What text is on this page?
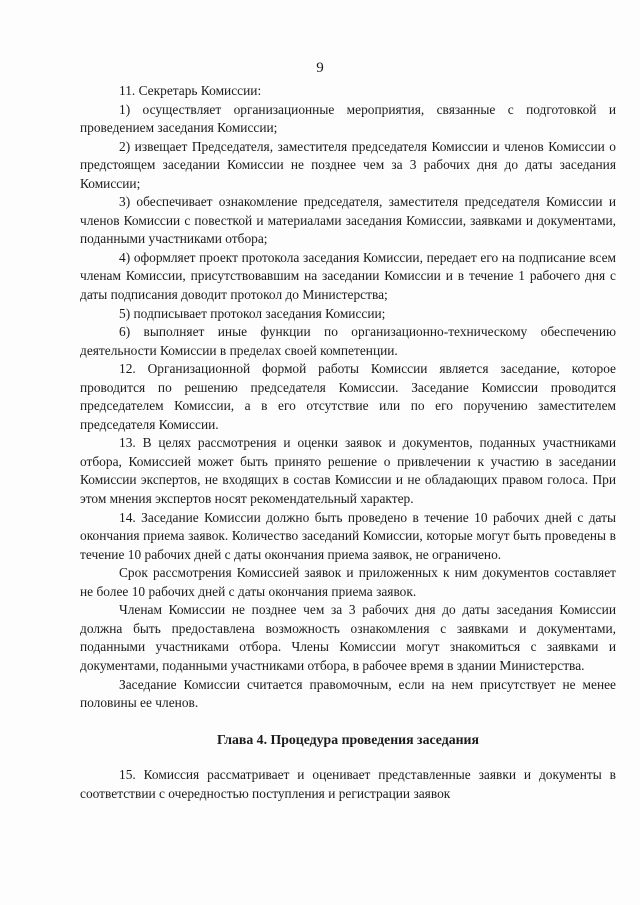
9

11. Секретарь Комиссии:

1) осуществляет организационные мероприятия, связанные с подготовкой и проведением заседания Комиссии;

2) извещает Председателя, заместителя председателя Комиссии и членов Комиссии о предстоящем заседании Комиссии не позднее чем за 3 рабочих дня до даты заседания Комиссии;

3) обеспечивает ознакомление председателя, заместителя председателя Комиссии и членов Комиссии с повесткой и материалами заседания Комиссии, заявками и документами, поданными участниками отбора;

4) оформляет проект протокола заседания Комиссии, передает его на подписание всем членам Комиссии, присутствовавшим на заседании Комиссии и в течение 1 рабочего дня с даты подписания доводит протокол до Министерства;

5) подписывает протокол заседания Комиссии;

6) выполняет иные функции по организационно-техническому обеспечению деятельности Комиссии в пределах своей компетенции.

12. Организационной формой работы Комиссии является заседание, которое проводится по решению председателя Комиссии. Заседание Комиссии проводится председателем Комиссии, а в его отсутствие или по его поручению заместителем председателя Комиссии.

13. В целях рассмотрения и оценки заявок и документов, поданных участниками отбора, Комиссией может быть принято решение о привлечении к участию в заседании Комиссии экспертов, не входящих в состав Комиссии и не обладающих правом голоса. При этом мнения экспертов носят рекомендательный характер.

14. Заседание Комиссии должно быть проведено в течение 10 рабочих дней с даты окончания приема заявок. Количество заседаний Комиссии, которые могут быть проведены в течение 10 рабочих дней с даты окончания приема заявок, не ограничено.

Срок рассмотрения Комиссией заявок и приложенных к ним документов составляет не более 10 рабочих дней с даты окончания приема заявок.

Членам Комиссии не позднее чем за 3 рабочих дня до даты заседания Комиссии должна быть предоставлена возможность ознакомления с заявками и документами, поданными участниками отбора. Члены Комиссии могут знакомиться с заявками и документами, поданными участниками отбора, в рабочее время в здании Министерства.

Заседание Комиссии считается правомочным, если на нем присутствует не менее половины ее членов.

Глава 4. Процедура проведения заседания

15. Комиссия рассматривает и оценивает представленные заявки и документы в соответствии с очередностью поступления и регистрации заявок
